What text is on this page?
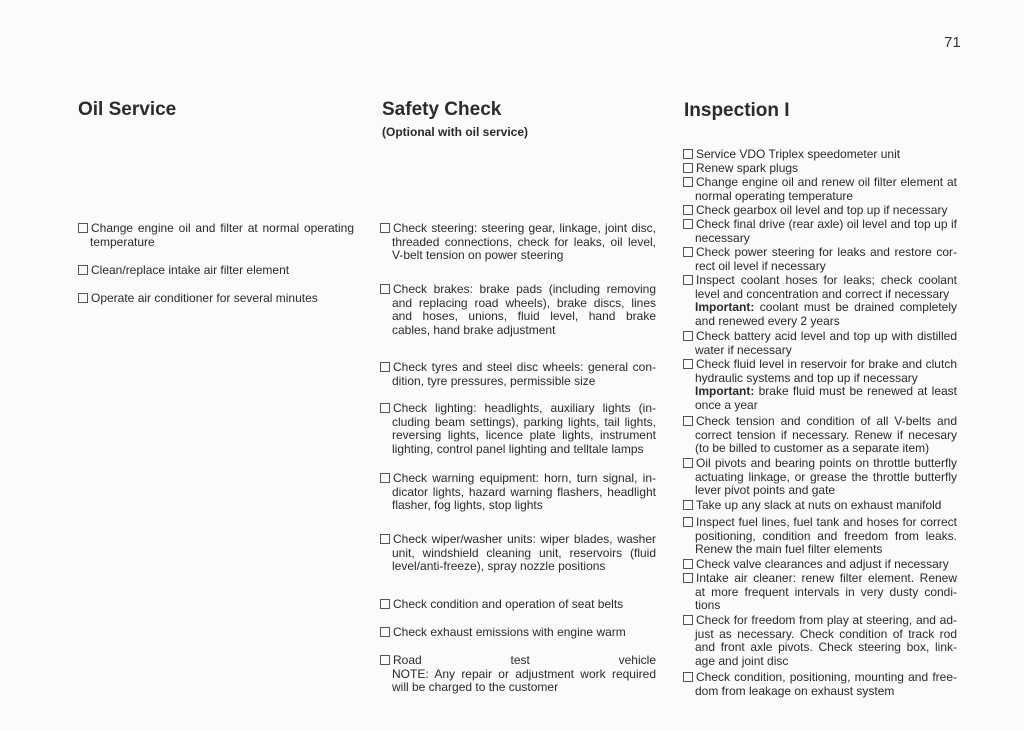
71
Oil Service
Change engine oil and filter at normal operating
temperature
Clean/replace intake air filter element
Operate air conditioner for several minutes
Safety Check
(Optional with oil service)
Check steering: steering gear, linkage, joint disc,
threaded connections, check for leaks, oil level,
V-belt tension on power steering
Check brakes: brake pads (including removing
and replacing road wheels), brake discs, lines
and hoses, unions, fluid level, hand brake
cables, hand brake adjustment
Check tyres and steel disc wheels: general con-
dition, tyre pressures, permissible size
Check lighting: headlights, auxiliary lights (in-
cluding beam settings), parking lights, tail lights,
reversing lights, licence plate lights, instrument
lighting, control panel lighting and telltale lamps
Check warning equipment: horn, turn signal, in-
dicator lights, hazard warning flashers, headlight
flasher, fog lights, stop lights
Check wiper/washer units: wiper blades, washer
unit, windshield cleaning unit, reservoirs (fluid
level/anti-freeze), spray nozzle positions
Check condition and operation of seat belts
Check exhaust emissions with engine warm
Road test vehicle
NOTE: Any repair or adjustment work required
will be charged to the customer
Inspection I
Service VDO Triplex speedometer unit
Renew spark plugs
Change engine oil and renew oil filter element at
normal operating temperature
Check gearbox oil level and top up if necessary
Check final drive (rear axle) oil level and top up if
necessary
Check power steering for leaks and restore cor-
rect oil level if necessary
Inspect coolant hoses for leaks; check coolant
level and concentration and correct if necessary
Important: coolant must be drained completely
and renewed every 2 years
Check battery acid level and top up with distilled
water if necessary
Check fluid level in reservoir for brake and clutch
hydraulic systems and top up if necessary
Important: brake fluid must be renewed at least
once a year
Check tension and condition of all V-belts and
correct tension if necessary. Renew if necesary
(to be billed to customer as a separate item)
Oil pivots and bearing points on throttle butterfly
actuating linkage, or grease the throttle butterfly
lever pivot points and gate
Take up any slack at nuts on exhaust manifold
Inspect fuel lines, fuel tank and hoses for correct
positioning, condition and freedom from leaks.
Renew the main fuel filter elements
Check valve clearances and adjust if necessary
Intake air cleaner: renew filter element. Renew
at more frequent intervals in very dusty condi-
tions
Check for freedom from play at steering, and ad-
just as necessary. Check condition of track rod
and front axle pivots. Check steering box, link-
age and joint disc
Check condition, positioning, mounting and free-
dom from leakage on exhaust system
